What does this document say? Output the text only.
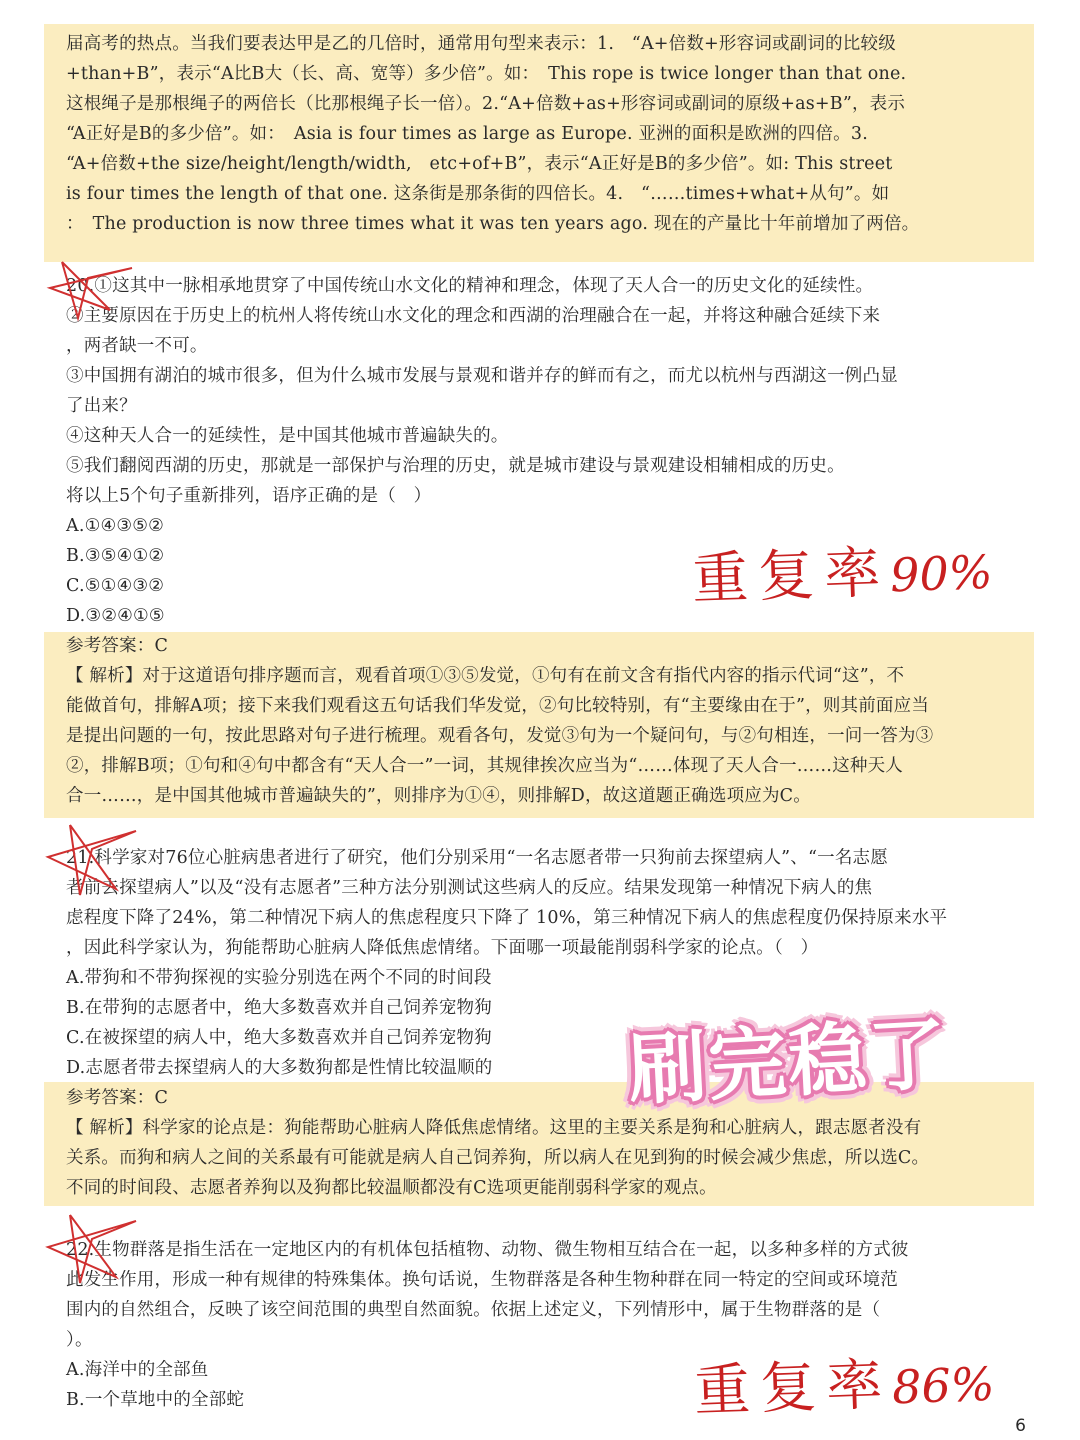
届高考的热点。当我们要表达甲是乙的几倍时，通常用句型来表示：1.　“A+倍数+形容词或副词的比较级
+than+B”，表示“A比B大（长、高、宽等）多少倍”。如：　This rope is twice longer than that one.
这根绳子是那根绳子的两倍长（比那根绳子长一倍）。2.“A+倍数+as+形容词或副词的原级+as+B”，表示
“A正好是B的多少倍”。如：　Asia is four times as large as Europe. 亚洲的面积是欧洲的四倍。3.
“A+倍数+the size/height/length/width,　etc+of+B”，表示“A正好是B的多少倍”。如: This street
is four times the length of that one. 这条街是那条街的四倍长。4.　“……times+what+从句”。如
：　The production is now three times what it was ten years ago. 现在的产量比十年前增加了两倍。
20.①这其中一脉相承地贯穿了中国传统山水文化的精神和理念，体现了天人合一的历史文化的延续性。
②主要原因在于历史上的杭州人将传统山水文化的理念和西湖的治理融合在一起，并将这种融合延续下来
，两者缺一不可。
③中国拥有湖泊的城市很多，但为什么城市发展与景观和谐并存的鲜而有之，而尤以杭州与西湖这一例凸显
了出来？
④这种天人合一的延续性，是中国其他城市普遍缺失的。
⑤我们翻阅西湖的历史，那就是一部保护与治理的历史，就是城市建设与景观建设相辅相成的历史。
将以上5个句子重新排列，语序正确的是（　）
A.①④③⑤②
B.③⑤④①②
C.⑤①④③②
D.③②④①⑤
参考答案：C
【 解析】对于这道语句排序题而言，观看首项①③⑤发觉，①句有在前文含有指代内容的指示代词“这”，不
能做首句，排解A项；接下来我们观看这五句话我们华发觉，②句比较特别，有“主要缘由在于”，则其前面应当
是提出问题的一句，按此思路对句子进行梳理。观看各句，发觉③句为一个疑问句，与②句相连，一问一答为③
②，排解B项；①句和④句中都含有“天人合一”一词，其规律挨次应当为“……体现了天人合一……这种天人
合一……，是中国其他城市普遍缺失的”，则排序为①④，则排解D，故这道题正确选项应为C。
重复率90%
21.科学家对76位心脏病患者进行了研究，他们分别采用“一名志愿者带一只狗前去探望病人”、“一名志愿
者前去探望病人”以及“没有志愿者”三种方法分别测试这些病人的反应。结果发现第一种情况下病人的焦
虑程度下降了24%，第二种情况下病人的焦虑程度只下降了 10%，第三种情况下病人的焦虑程度仍保持原来水平
，因此科学家认为，狗能帮助心脏病人降低焦虑情绪。下面哪一项最能削弱科学家的论点。（　）
A.带狗和不带狗探视的实验分别选在两个不同的时间段
B.在带狗的志愿者中，绝大多数喜欢并自己饲养宠物狗
C.在被探望的病人中，绝大多数喜欢并自己饲养宠物狗
D.志愿者带去探望病人的大多数狗都是性情比较温顺的
参考答案：C
【 解析】科学家的论点是：狗能帮助心脏病人降低焦虑情绪。这里的主要关系是狗和心脏病人，跟志愿者没有
关系。而狗和病人之间的关系最有可能就是病人自己饲养狗，所以病人在见到狗的时候会减少焦虑，所以选C。
不同的时间段、志愿者养狗以及狗都比较温顺都没有C选项更能削弱科学家的观点。
刷完稳了
22.生物群落是指生活在一定地区内的有机体包括植物、动物、微生物相互结合在一起，以多种多样的方式彼
此发生作用，形成一种有规律的特殊集体。换句话说，生物群落是各种生物种群在同一特定的空间或环境范
围内的自然组合，反映了该空间范围的典型自然面貌。依据上述定义，下列情形中，属于生物群落的是（
）。
A.海洋中的全部鱼
B.一个草地中的全部蛇	重复率86%
6
